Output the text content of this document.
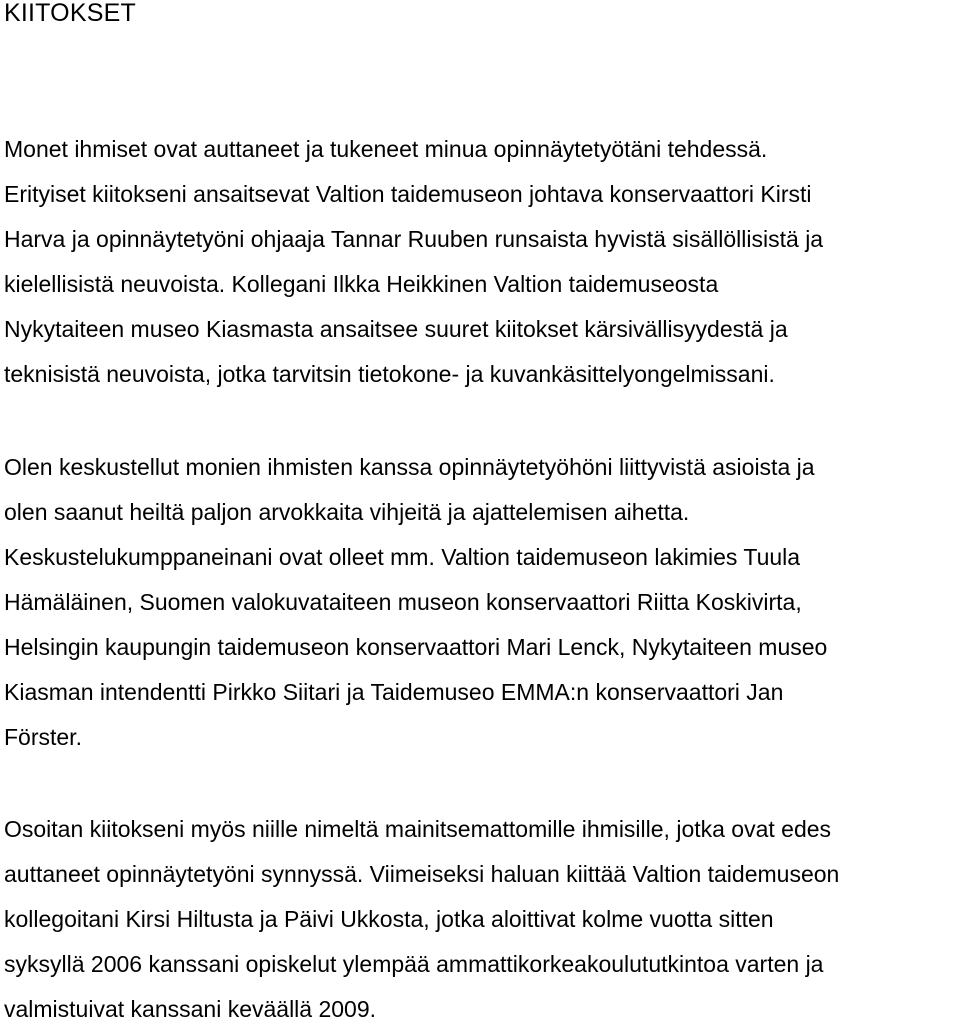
KIITOKSET

Monet ihmiset ovat auttaneet ja tukeneet minua opinnäytetyötäni tehdessä.
Erityiset kiitokseni ansaitsevat Valtion taidemuseon johtava konservaattori Kirsti
Harva ja opinnäytetyöni ohjaaja Tannar Ruuben runsaista hyvistä sisällöllisistä ja
kielellisistä neuvoista. Kollegani Ilkka Heikkinen Valtion taidemuseosta
Nykytaiteen museo Kiasmasta ansaitsee suuret kiitokset kärsivällisyydestä ja
teknisistä neuvoista, jotka tarvitsin tietokone- ja kuvankäsittelyongelmissani.

Olen keskustellut monien ihmisten kanssa opinnäytetyöhöni liittyvistä asioista ja
olen saanut heiltä paljon arvokkaita vihjeitä ja ajattelemisen aihetta.
Keskustelukumppaneinani ovat olleet mm. Valtion taidemuseon lakimies Tuula
Hämäläinen, Suomen valokuvataiteen museon konservaattori Riitta Koskivirta,
Helsingin kaupungin taidemuseon konservaattori Mari Lenck, Nykytaiteen museo
Kiasman intendentti Pirkko Siitari ja Taidemuseo EMMA:n konservaattori Jan
Förster.

Osoitan kiitokseni myös niille nimeltä mainitsemattomille ihmisille, jotka ovat edes
auttaneet opinnäytetyöni synnyssä. Viimeiseksi haluan kiittää Valtion taidemuseon
kollegoitani Kirsi Hiltusta ja Päivi Ukkosta, jotka aloittivat kolme vuotta sitten
syksyllä 2006 kanssani opiskelut ylempää ammattikorkeakoulututkintoa varten ja
valmistuivat kanssani keväällä 2009.
